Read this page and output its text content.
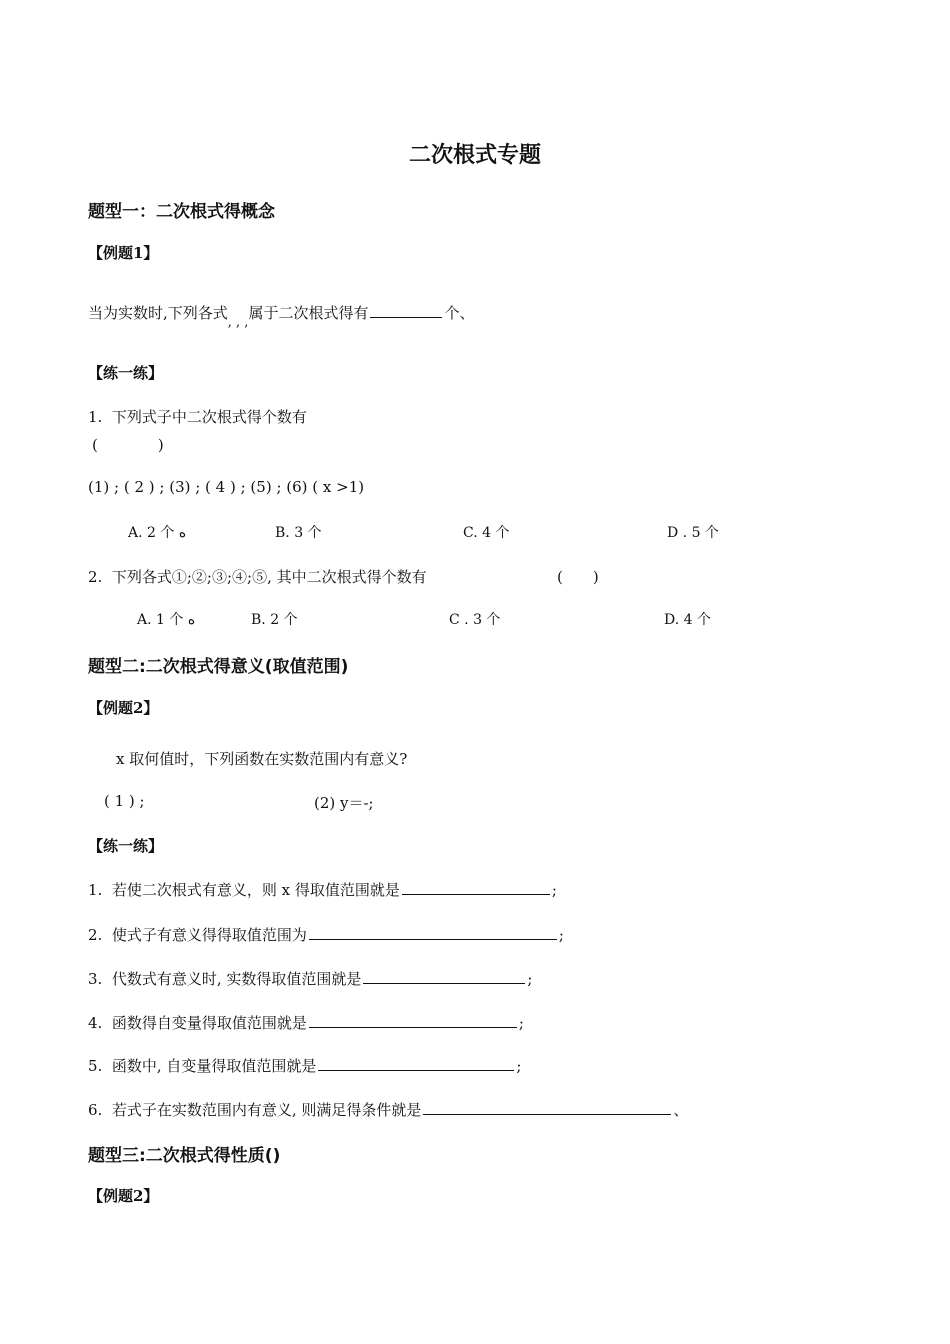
二次根式专题
题型一：二次根式得概念
【例题1】
当为实数时,下列各式, , ,属于二次根式得有	个、
【练一练】
1. 下列式子中二次根式得个数有
(　　　　)
(1) ; ( 2 ) ; (3) ; ( 4 ) ; (5) ; (6) ( x >1)
A. 2 个 ﻩ	B. 3 个	C. 4 个	D . 5 个
2. 下列各式①;②;③;④;⑤, 其中二次根式得个数有	(　　)
A. 1 个 ﻩ	B. 2 个	C . 3 个	D. 4 个
题型二:二次根式得意义(取值范围)
【例题2】
x 取何值时，下列函数在实数范围内有意义?
( 1 ) ;	(2) y＝-;
【练一练】
1. 若使二次根式有意义，则 x 得取值范围就是	;
2. 使式子有意义得得取值范围为	;
3. 代数式有意义时, 实数得取值范围就是	;
4. 函数得自变量得取值范围就是	;
5. 函数中, 自变量得取值范围就是	;
6. 若式子在实数范围内有意义, 则满足得条件就是	、
题型三:二次根式得性质()
【例题2】
